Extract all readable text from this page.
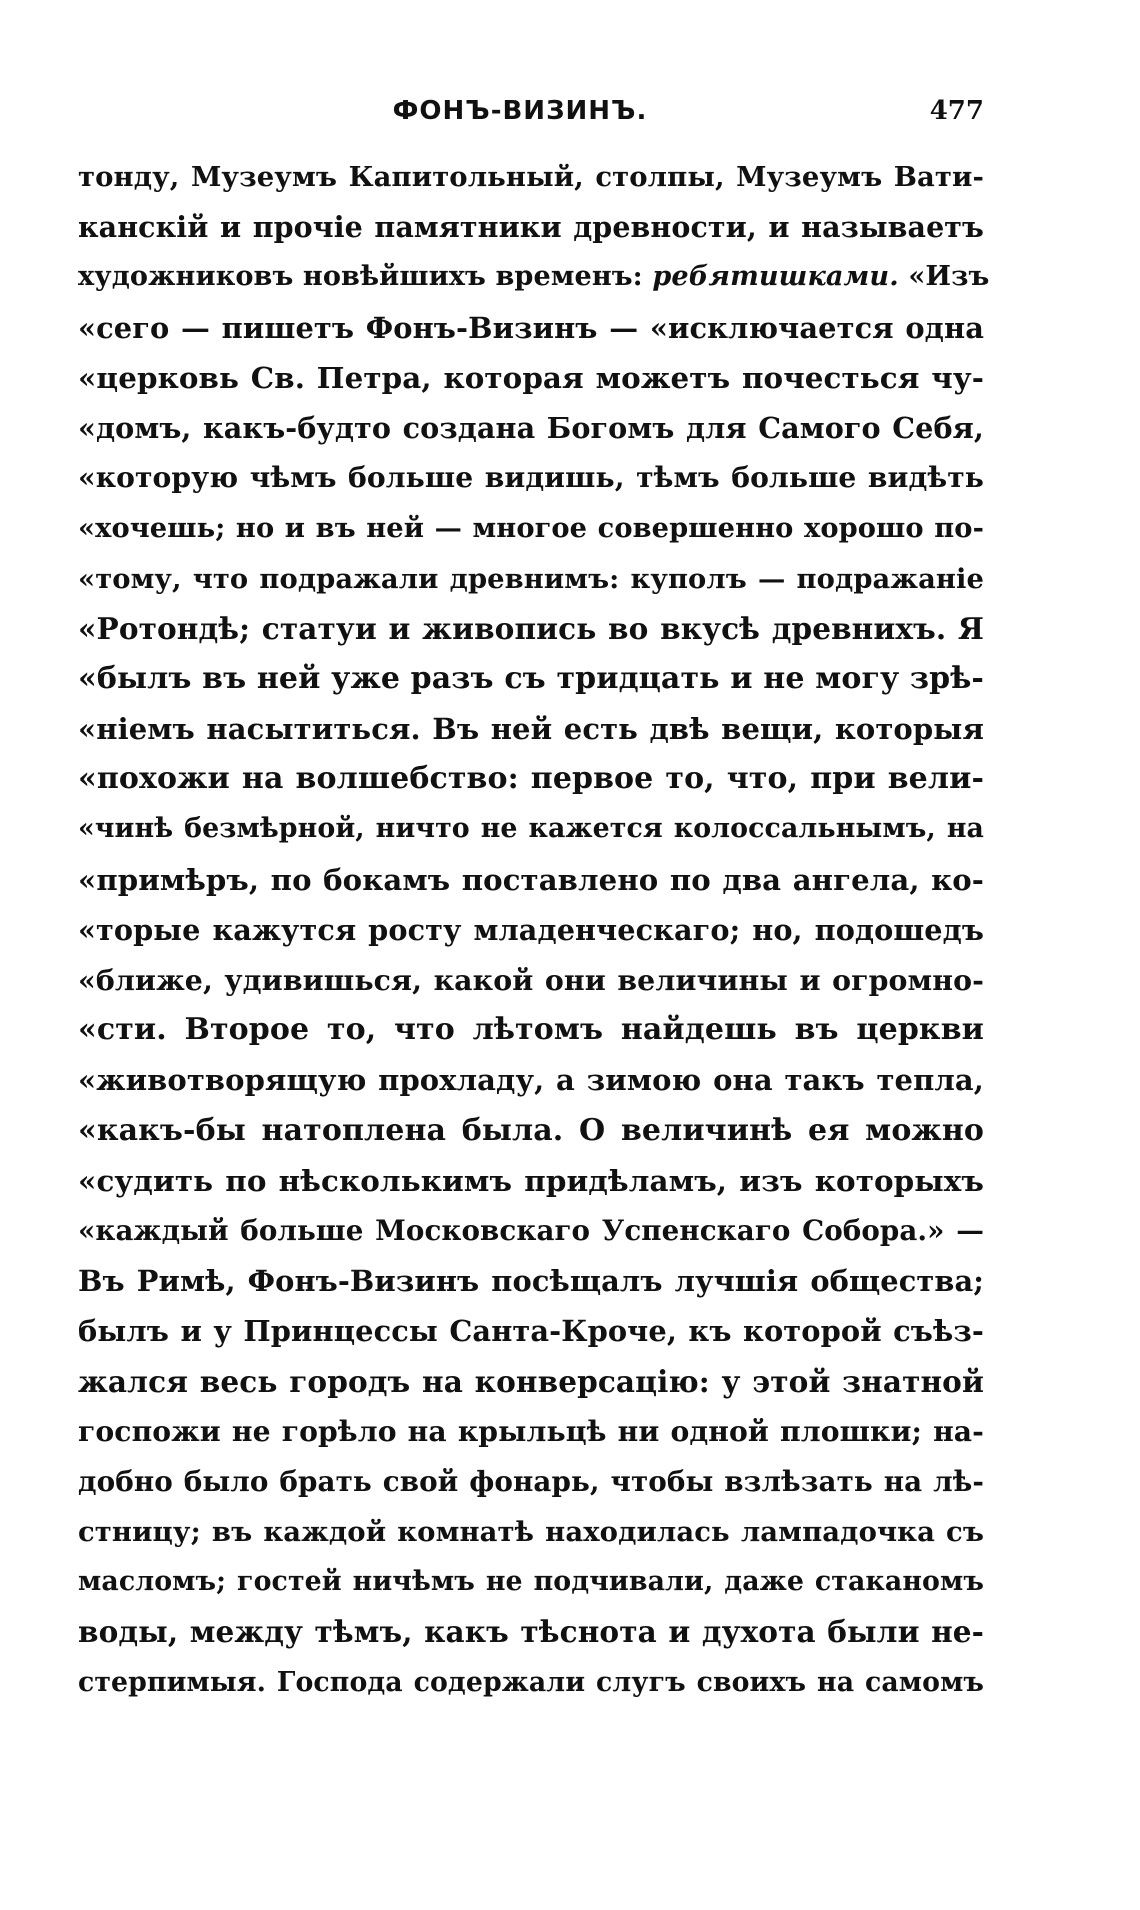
ФОНЪ-ВИЗИНЪ.	477
тонду, Музеумъ Капитольный, столпы, Музеумъ Вати-
канскій и прочіе памятники древности, и называетъ
художниковъ новѣйшихъ временъ: ребятишками. «Изъ
«сего — пишетъ Фонъ-Визинъ — «исключается одна
«церковь Св. Петра, которая можетъ почесться чу-
«домъ, какъ-будто создана Богомъ для Самого Себя,
«которую чѣмъ больше видишь, тѣмъ больше видѣть
«хочешь; но и въ ней — многое совершенно хорошо по-
«тому, что подражали древнимъ: куполъ — подражаніе
«Ротондѣ; статуи и живопись во вкусѣ древнихъ. Я
«былъ въ ней уже разъ съ тридцать и не могу зрѣ-
«ніемъ насытиться. Въ ней есть двѣ вещи, которыя
«похожи на волшебство: первое то, что, при вели-
«чинѣ безмѣрной, ничто не кажется колоссальнымъ, на
«примѣръ, по бокамъ поставлено по два ангела, ко-
«торые кажутся росту младенческаго; но, подошедъ
«ближе, удивишься, какой они величины и огромно-
«сти. Второе то, что лѣтомъ найдешь въ церкви
«животворящую прохладу, а зимою она такъ тепла,
«какъ-бы натоплена была. О величинѣ ея можно
«судить по нѣсколькимъ придѣламъ, изъ которыхъ
«каждый больше Московскаго Успенскаго Собора.» —
Въ Римѣ, Фонъ-Визинъ посѣщалъ лучшія общества;
былъ и у Принцессы Санта-Кроче, къ которой съѣз-
жался весь городъ на конверсацію: у этой знатной
госпожи не горѣло на крыльцѣ ни одной плошки; на-
добно было брать свой фонарь, чтобы взлѣзать на лѣ-
стницу; въ каждой комнатѣ находилась лампадочка съ
масломъ; гостей ничѣмъ не подчивали, даже стаканомъ
воды, между тѣмъ, какъ тѣснота и духота были не-
стерпимыя. Господа содержали слугъ своихъ на самомъ
